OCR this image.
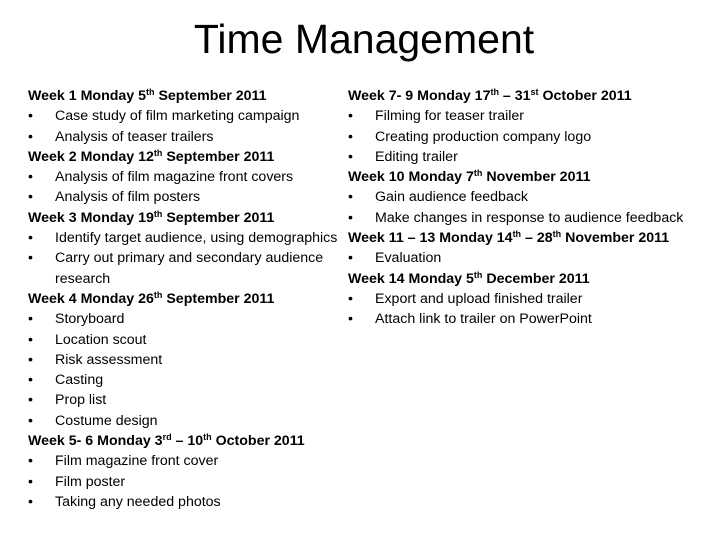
Time Management
Week 1 Monday 5th September 2011
• Case study of film marketing campaign
• Analysis of teaser trailers
Week 2 Monday 12th September 2011
• Analysis of film magazine front covers
• Analysis of film posters
Week 3 Monday 19th September 2011
• Identify target audience, using demographics
• Carry out primary and secondary audience
research
Week 4 Monday 26th September 2011
• Storyboard
• Location scout
• Risk assessment
• Casting
• Prop list
• Costume design
Week 5- 6 Monday 3rd – 10th October 2011
• Film magazine front cover
• Film poster
• Taking any needed photos
Week 7- 9 Monday 17th – 31st October 2011
• Filming for teaser trailer
• Creating production company logo
• Editing trailer
Week 10 Monday 7th November 2011
• Gain audience feedback
• Make changes in response to audience feedback
Week 11 – 13 Monday 14th – 28th November 2011
• Evaluation
Week 14 Monday 5th December 2011
• Export and upload finished trailer
• Attach link to trailer on PowerPoint
